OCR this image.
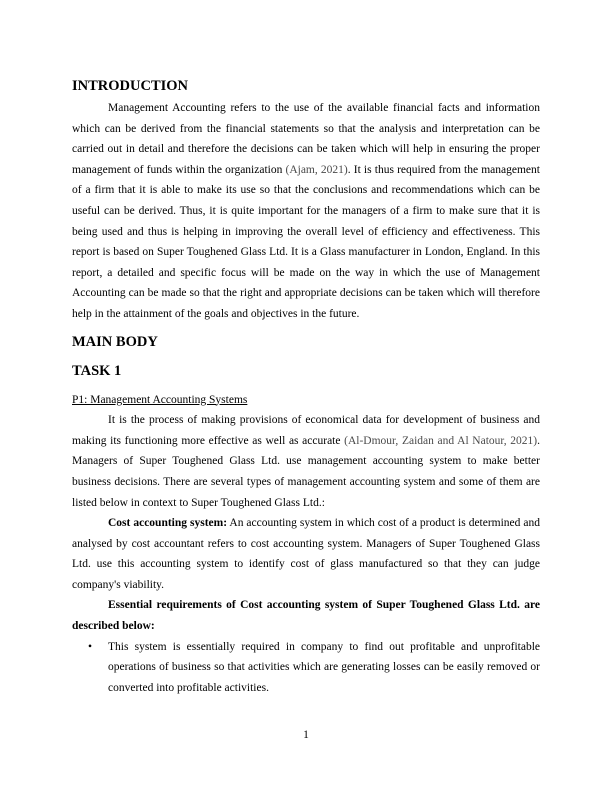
INTRODUCTION

Management Accounting refers to the use of the available financial facts and information which can be derived from the financial statements so that the analysis and interpretation can be carried out in detail and therefore the decisions can be taken which will help in ensuring the proper management of funds within the organization (Ajam, 2021). It is thus required from the management of a firm that it is able to make its use so that the conclusions and recommendations which can be useful can be derived. Thus, it is quite important for the managers of a firm to make sure that it is being used and thus is helping in improving the overall level of efficiency and effectiveness. This report is based on Super Toughened Glass Ltd. It is a Glass manufacturer in London, England. In this report, a detailed and specific focus will be made on the way in which the use of Management Accounting can be made so that the right and appropriate decisions can be taken which will therefore help in the attainment of the goals and objectives in the future.

MAIN BODY
TASK 1

P1: Management Accounting Systems

It is the process of making provisions of economical data for development of business and making its functioning more effective as well as accurate (Al-Dmour, Zaidan and Al Natour, 2021). Managers of Super Toughened Glass Ltd. use management accounting system to make better business decisions. There are several types of management accounting system and some of them are listed below in context to Super Toughened Glass Ltd.:

Cost accounting system: An accounting system in which cost of a product is determined and analysed by cost accountant refers to cost accounting system. Managers of Super Toughened Glass Ltd. use this accounting system to identify cost of glass manufactured so that they can judge company's viability.

Essential requirements of Cost accounting system of Super Toughened Glass Ltd. are described below:

• This system is essentially required in company to find out profitable and unprofitable operations of business so that activities which are generating losses can be easily removed or converted into profitable activities.
1
